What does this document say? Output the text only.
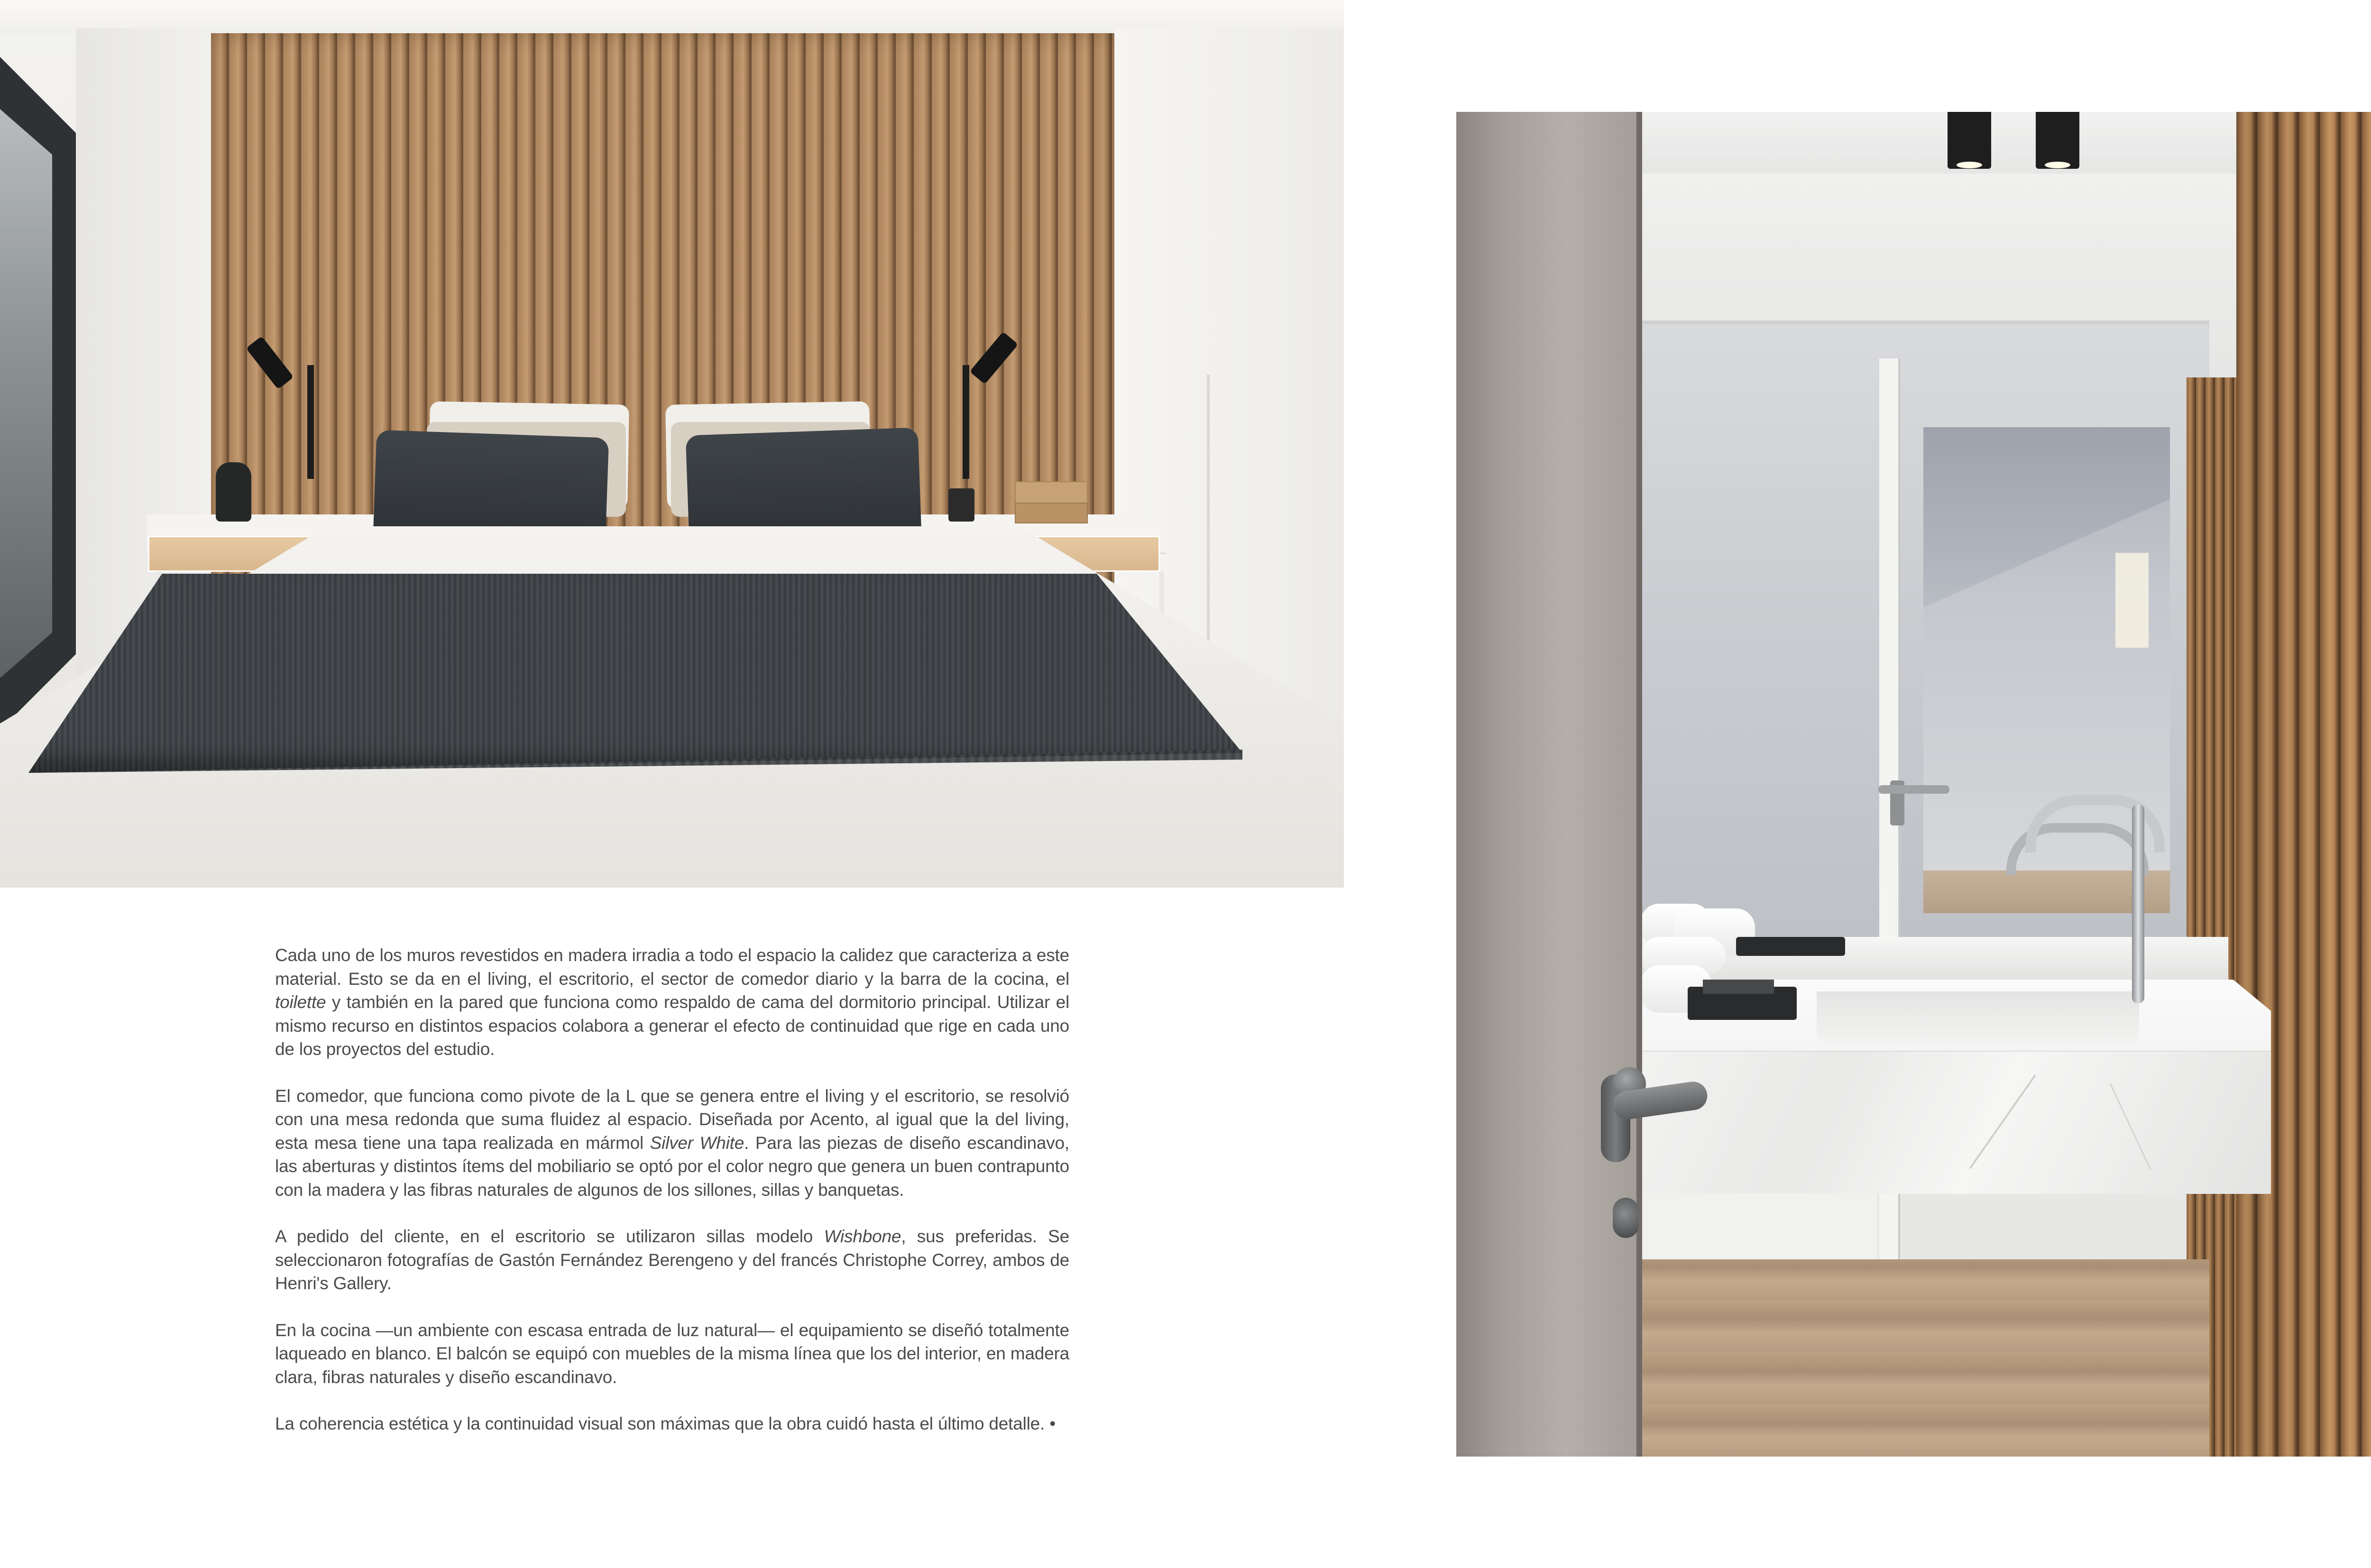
Cada uno de los muros revestidos en madera irradia a todo el espacio la calidez que caracteriza a este material. Esto se da en el living, el escritorio, el sector de comedor diario y la barra de la cocina, el toilette y también en la pared que funciona como respaldo de cama del dormitorio principal. Utilizar el mismo recurso en distintos espacios colabora a generar el efecto de continuidad que rige en cada uno de los proyectos del estudio.

El comedor, que funciona como pivote de la L que se genera entre el living y el escritorio, se resolvió con una mesa redonda que suma fluidez al espacio. Diseñada por Acento, al igual que la del living, esta mesa tiene una tapa realizada en mármol Silver White. Para las piezas de diseño escandinavo, las aberturas y distintos ítems del mobiliario se optó por el color negro que genera un buen contrapunto con la madera y las fibras naturales de algunos de los sillones, sillas y banquetas.

A pedido del cliente, en el escritorio se utilizaron sillas modelo Wishbone, sus preferidas. Se seleccionaron fotografías de Gastón Fernández Berengeno y del francés Christophe Correy, ambos de Henri's Gallery.

En la cocina —un ambiente con escasa entrada de luz natural— el equipamiento se diseñó totalmente laqueado en blanco. El balcón se equipó con muebles de la misma línea que los del interior, en madera clara, fibras naturales y diseño escandinavo.

La coherencia estética y la continuidad visual son máximas que la obra cuidó hasta el último detalle. •
